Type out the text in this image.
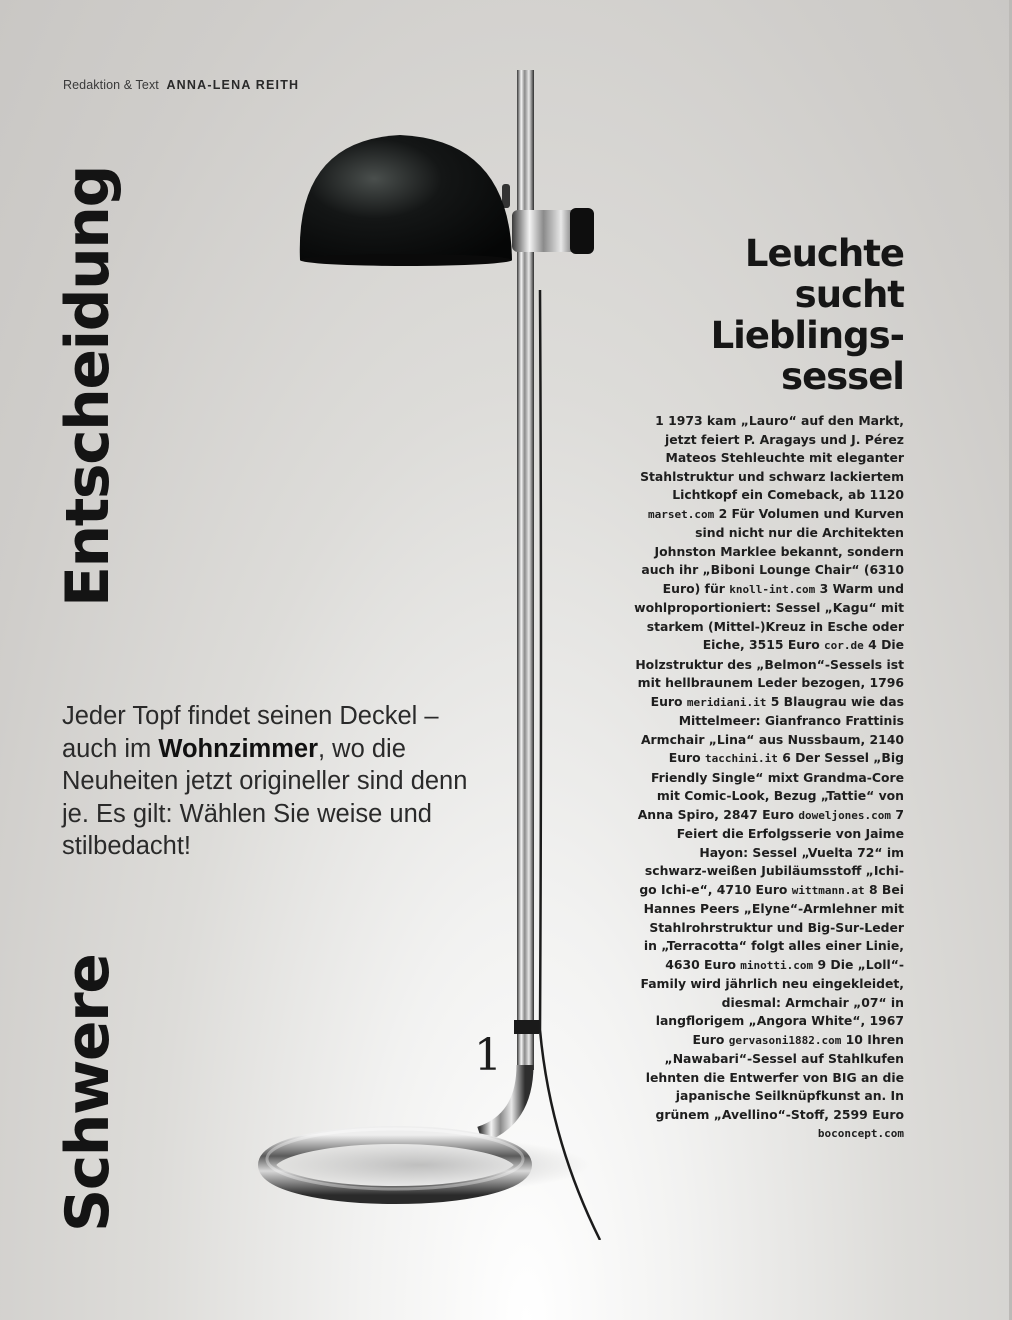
Redaktion & Text ANNA-LENA REITH
Entscheidung
Schwere
Leuchte
sucht
Lieblings-
sessel
1 1973 kam „Lauro“ auf den Markt, jetzt feiert P. Aragays und J. Pérez Mateos Stehleuchte mit eleganter Stahlstruktur und schwarz lackiertem Lichtkopf ein Comeback, ab 1120 marset.com 2 Für Volumen und Kurven sind nicht nur die Architekten Johnston Marklee bekannt, sondern auch ihr „Biboni Lounge Chair“ (6310 Euro) für knoll-int.com 3 Warm und wohlproportioniert: Sessel „Kagu“ mit starkem (Mittel-)Kreuz in Esche oder Eiche, 3515 Euro cor.de 4 Die Holzstruktur des „Belmon“-Sessels ist mit hellbraunem Leder bezogen, 1796 Euro meridiani.it 5 Blaugrau wie das Mittelmeer: Gianfranco Frattinis Armchair „Lina“ aus Nussbaum, 2140 Euro tacchini.it 6 Der Sessel „Big Friendly Single“ mixt Grandma-Core mit Comic-Look, Bezug „Tattie“ von Anna Spiro, 2847 Euro doweljones.com 7 Feiert die Erfolgsserie von Jaime Hayon: Sessel „Vuelta 72“ im schwarz-weißen Jubiläumsstoff „Ichi-go Ichi-e“, 4710 Euro wittmann.at 8 Bei Hannes Peers „Elyne“-Armlehner mit Stahlrohrstruktur und Big-Sur-Leder in „Terracotta“ folgt alles einer Linie, 4630 Euro minotti.com 9 Die „Loll“-Family wird jährlich neu eingekleidet, diesmal: Armchair „07“ in langflorigem „Angora White“, 1967 Euro gervasoni1882.com 10 Ihren „Nawabari“-Sessel auf Stahlkufen lehnten die Entwerfer von BIG an die japanische Seilknüpfkunst an. In grünem „Avellino“-Stoff, 2599 Euro boconcept.com
Jeder Topf findet seinen Deckel – auch im Wohnzimmer, wo die Neuheiten jetzt origineller sind denn je. Es gilt: Wählen Sie weise und stilbedacht!
1
